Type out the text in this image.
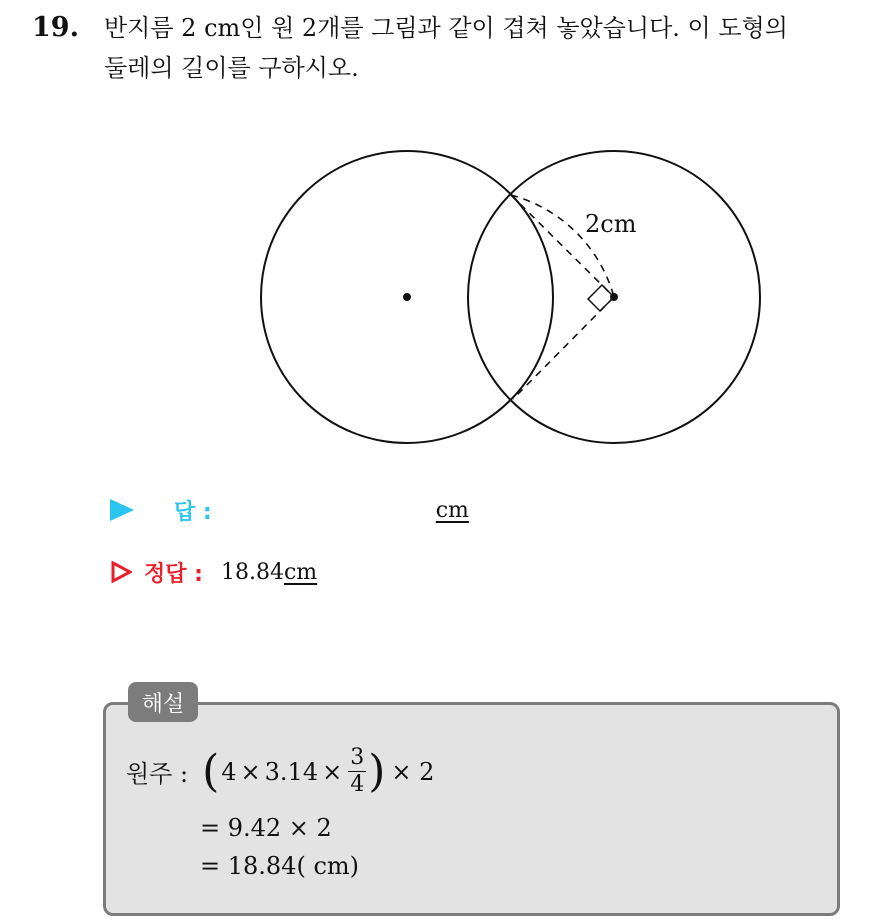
19. 반지름 2 cm인 원 2개를 그림과 같이 겹쳐 놓았습니다. 이 도형의
둘레의 길이를 구하시오.
2cm
답 :	cm
정답 : 18.84 cm
해설
원주 : ( $4 \times 3.14 \times \frac{3}{4}$ ) × 2
= 9.42 × 2
= 18.84( cm)
